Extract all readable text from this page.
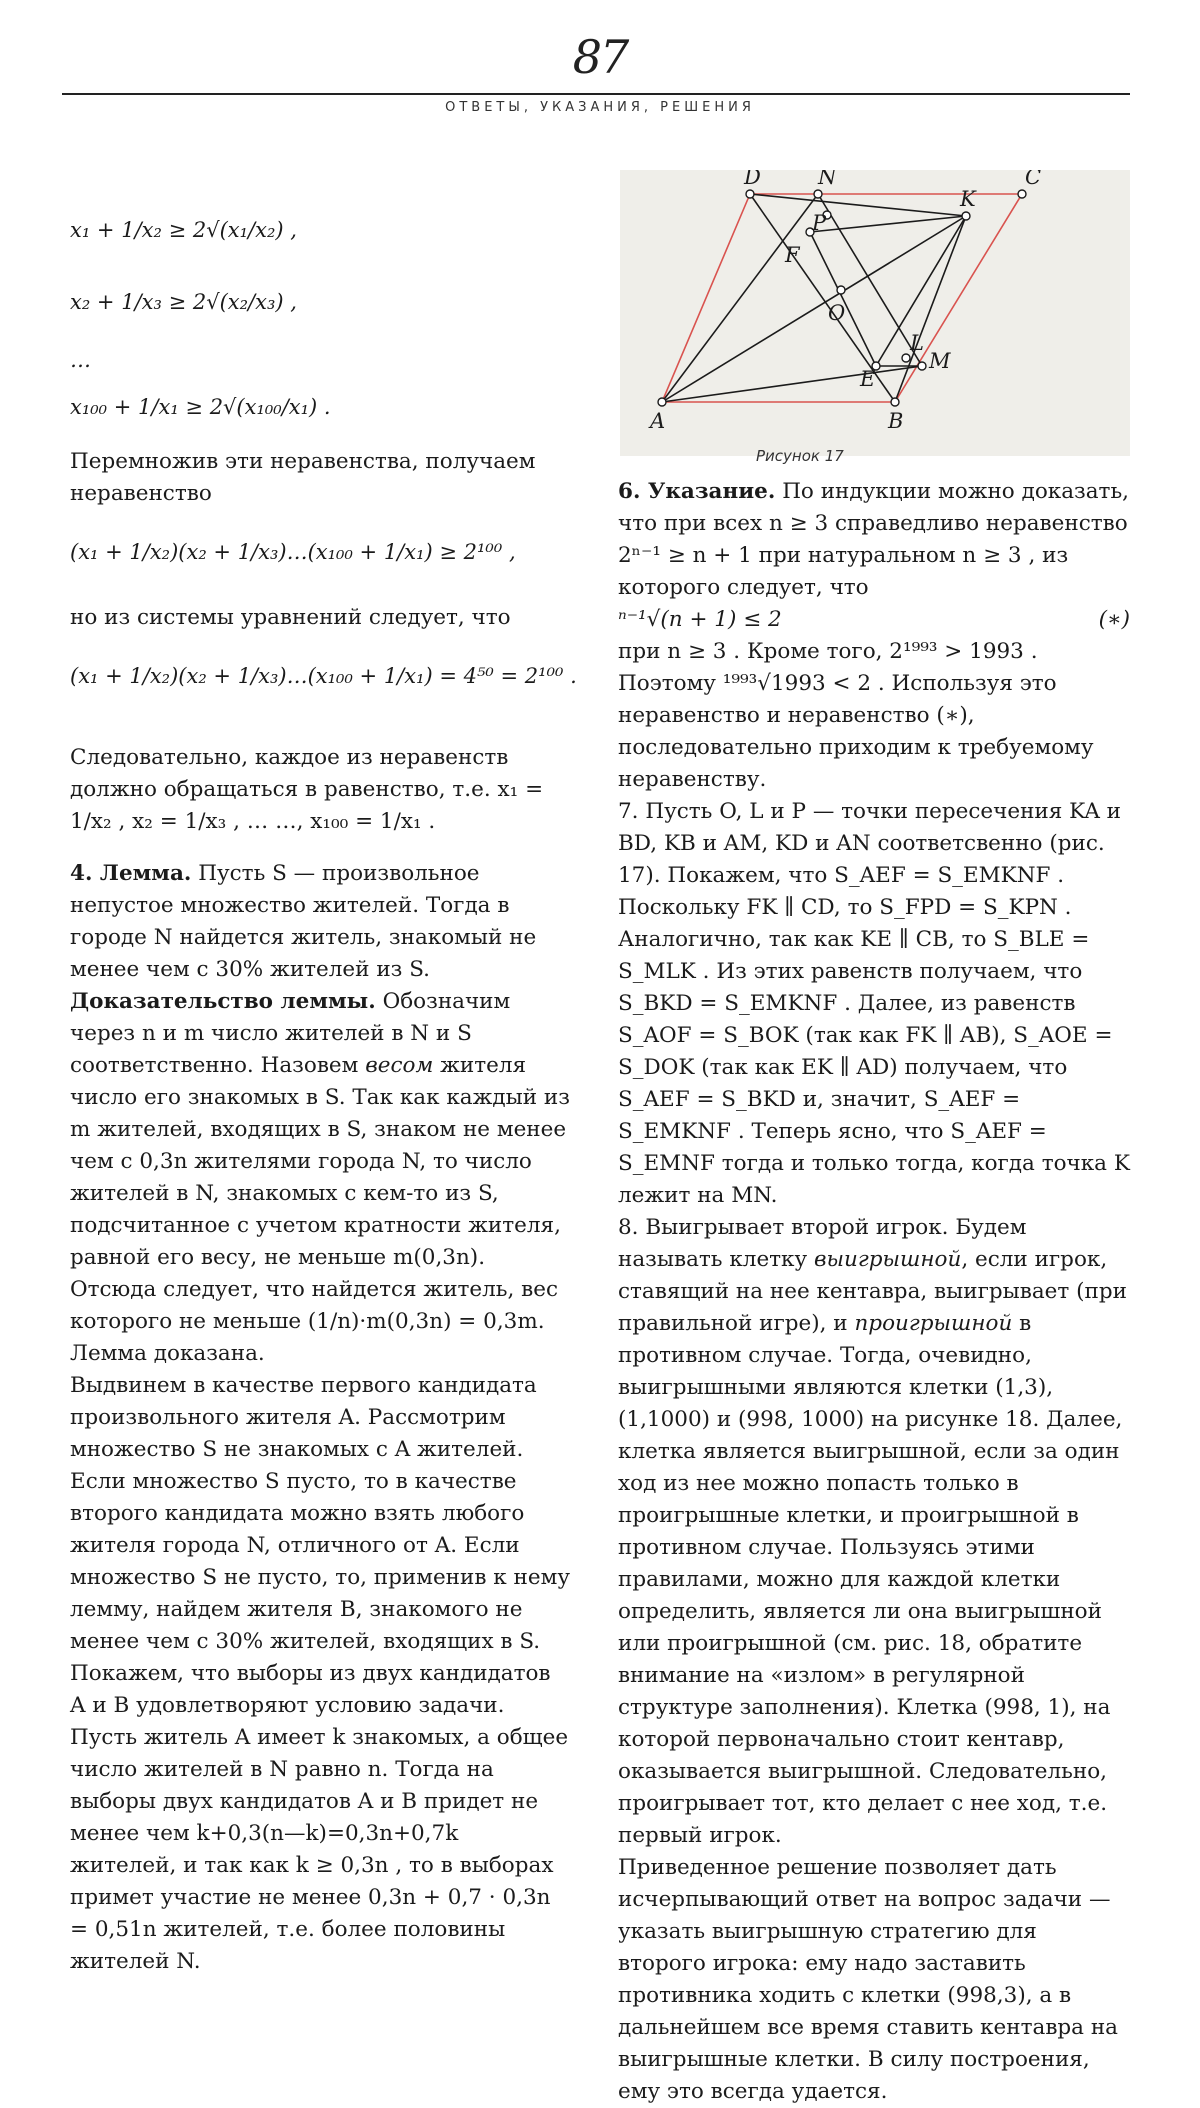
87
ОТВЕТЫ, УКАЗАНИЯ, РЕШЕНИЯ
x₁ + 1/x₂ ≥ 2√(x₁/x₂) ,
x₂ + 1/x₃ ≥ 2√(x₂/x₃) ,
…
x₁₀₀ + 1/x₁ ≥ 2√(x₁₀₀/x₁) .

Перемножив эти неравенства, получаем неравенство

(x₁ + 1/x₂)(x₂ + 1/x₃)…(x₁₀₀ + 1/x₁) ≥ 2¹⁰⁰ ,

но из системы уравнений следует, что

(x₁ + 1/x₂)(x₂ + 1/x₃)…(x₁₀₀ + 1/x₁) = 4⁵⁰ = 2¹⁰⁰ .

Следовательно, каждое из неравенств должно обращаться в равенство, т.е. x₁ = 1/x₂ , x₂ = 1/x₃ , … …, x₁₀₀ = 1/x₁ .

4. Лемма. Пусть S — произвольное непустое множество жителей. Тогда в городе N найдется житель, знакомый не менее чем с 30% жителей из S.

Доказательство леммы. Обозначим через n и m число жителей в N и S соответственно. Назовем весом жителя число его знакомых в S. Так как каждый из m жителей, входящих в S, знаком не менее чем с 0,3n жителями города N, то число жителей в N, знакомых с кем-то из S, подсчитанное с учетом кратности жителя, равной его весу, не меньше m(0,3n). Отсюда следует, что найдется житель, вес которого не меньше (1/n)·m(0,3n) = 0,3m. Лемма доказана.

Выдвинем в качестве первого кандидата произвольного жителя A. Рассмотрим множество S не знакомых с A жителей. Если множество S пусто, то в качестве второго кандидата можно взять любого жителя города N, отличного от A. Если множество S не пусто, то, применив к нему лемму, найдем жителя B, знакомого не менее чем с 30% жителей, входящих в S. Покажем, что выборы из двух кандидатов A и B удовлетворяют условию задачи.

Пусть житель A имеет k знакомых, а общее число жителей в N равно n. Тогда на выборы двух кандидатов A и B придет не менее чем k+0,3(n—k)=0,3n+0,7k жителей, и так как k ≥ 0,3n , то в выборах примет участие не менее 0,3n + 0,7 · 0,3n = 0,51n жителей, т.е. более половины жителей N.

D	N	C
P
K
F
O
L
M
E
A	B
Рисунок 17

6. Указание. По индукции можно доказать, что при всех n ≥ 3 справедливо неравенство 2ⁿ⁻¹ ≥ n + 1 при натуральном n ≥ 3 , из которого следует, что

ⁿ⁻¹√(n + 1) ≤ 2	(∗)

при n ≥ 3 . Кроме того, 2¹⁹⁹³ > 1993 . Поэтому ¹⁹⁹³√1993 < 2 . Используя это неравенство и неравенство (∗), последовательно приходим к требуемому неравенству.

7. Пусть O, L и P — точки пересечения KA и BD, KB и AM, KD и AN соответсвенно (рис. 17). Покажем, что S_AEF = S_EMKNF . Поскольку FK ∥ CD, то S_FPD = S_KPN . Аналогично, так как KE ∥ CB, то S_BLE = S_MLK . Из этих равенств получаем, что S_BKD = S_EMKNF . Далее, из равенств S_AOF = S_BOK (так как FK ∥ AB), S_AOE = S_DOK (так как EK ∥ AD) получаем, что S_AEF = S_BKD и, значит, S_AEF = S_EMKNF . Теперь ясно, что S_AEF = S_EMNF тогда и только тогда, когда точка K лежит на MN.

8. Выигрывает второй игрок. Будем называть клетку выигрышной, если игрок, ставящий на нее кентавра, выигрывает (при правильной игре), и проигрышной в противном случае. Тогда, очевидно, выигрышными являются клетки (1,3), (1,1000) и (998, 1000) на рисунке 18. Далее, клетка является выигрышной, если за один ход из нее можно попасть только в проигрышные клетки, и проигрышной в противном случае. Пользуясь этими правилами, можно для каждой клетки определить, является ли она выигрышной или проигрышной (см. рис. 18, обратите внимание на «излом» в регулярной структуре заполнения). Клетка (998, 1), на которой первоначально стоит кентавр, оказывается выигрышной. Следовательно, проигрывает тот, кто делает с нее ход, т.е. первый игрок.

Приведенное решение позволяет дать исчерпывающий ответ на вопрос задачи — указать выигрышную стратегию для второго игрока: ему надо заставить противника ходить с клетки (998,3), а в дальнейшем все время ставить кентавра на выигрышные клетки. В силу построения, ему это всегда удается.
